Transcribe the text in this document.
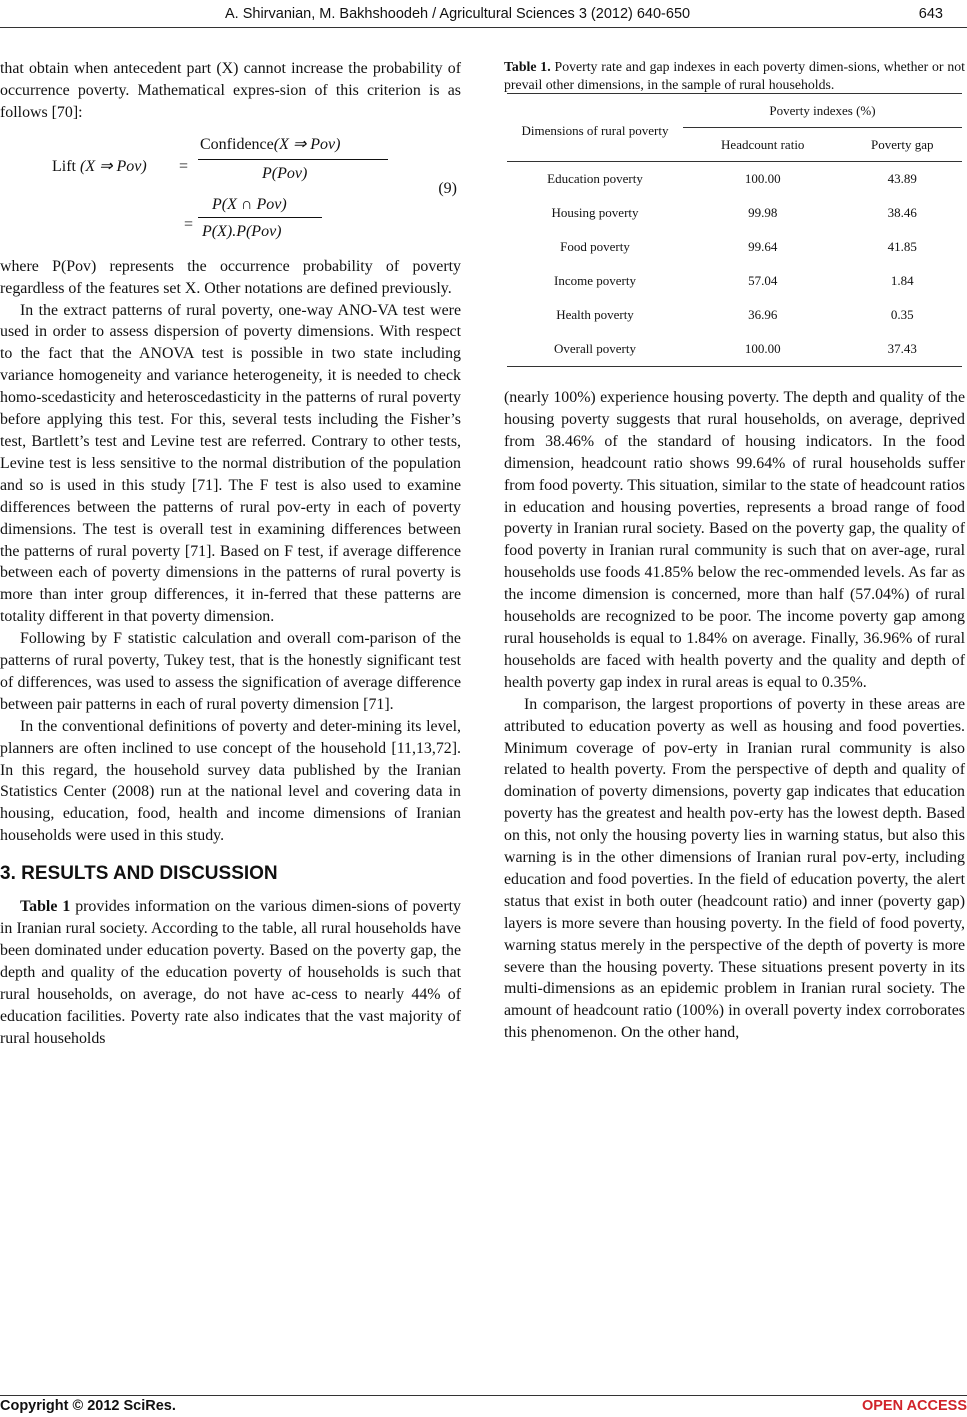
A. Shirvanian, M. Bakhshoodeh / Agricultural Sciences 3 (2012) 640-650	643

that obtain when antecedent part (X) cannot increase the probability of occurrence poverty. Mathematical expres-sion of this criterion is as follows [70]:

Lift (X ⇒ Pov) =
Confidence(X ⇒ Pov)
P(Pov)
=
P(X ∩ Pov)
P(X).P(Pov)
(9)

where P(Pov) represents the occurrence probability of poverty regardless of the features set X. Other notations are defined previously.

In the extract patterns of rural poverty, one-way ANO-VA test were used in order to assess dispersion of poverty dimensions. With respect to the fact that the ANOVA test is possible in two state including variance homogeneity and variance heterogeneity, it is needed to check homo-scedasticity and heteroscedasticity in the patterns of rural poverty before applying this test. For this, several tests including the Fisher’s test, Bartlett’s test and Levine test are referred. Contrary to other tests, Levine test is less sensitive to the normal distribution of the population and so is used in this study [71]. The F test is also used to examine differences between the patterns of rural pov-erty in each of poverty dimensions. The test is overall test in examining differences between the patterns of rural poverty [71]. Based on F test, if average difference between each of poverty dimensions in the patterns of rural poverty is more than inter group differences, it in-ferred that these patterns are totality different in that poverty dimension.

Following by F statistic calculation and overall com-parison of the patterns of rural poverty, Tukey test, that is the honestly significant test of differences, was used to assess the signification of average difference between pair patterns in each of rural poverty dimension [71].

In the conventional definitions of poverty and deter-mining its level, planners are often inclined to use concept of the household [11,13,72]. In this regard, the household survey data published by the Iranian Statistics Center (2008) run at the national level and covering data in housing, education, food, health and income dimensions of Iranian households were used in this study.

3. RESULTS AND DISCUSSION

Table 1 provides information on the various dimen-sions of poverty in Iranian rural society. According to the table, all rural households have been dominated under education poverty. Based on the poverty gap, the depth and quality of the education poverty of households is such that rural households, on average, do not have ac-cess to nearly 44% of education facilities. Poverty rate also indicates that the vast majority of rural households

Table 1. Poverty rate and gap indexes in each poverty dimen-sions, whether or not prevail other dimensions, in the sample of rural households.

Dimensions of rural poverty	Poverty indexes (%)	
	Headcount ratio	Poverty gap
Education poverty	100.00	43.89
Housing poverty	99.98	38.46
Food poverty	99.64	41.85
Income poverty	57.04	1.84
Health poverty	36.96	0.35
Overall poverty	100.00	37.43

(nearly 100%) experience housing poverty. The depth and quality of the housing poverty suggests that rural households, on average, deprived from 38.46% of the standard of housing indicators. In the food dimension, headcount ratio shows 99.64% of rural households suffer from food poverty. This situation, similar to the state of headcount ratios in education and housing poverties, represents a broad range of food poverty in Iranian rural society. Based on the poverty gap, the quality of food poverty in Iranian rural community is such that on aver-age, rural households use foods 41.85% below the rec-ommended levels. As far as the income dimension is concerned, more than half (57.04%) of rural households are recognized to be poor. The income poverty gap among rural households is equal to 1.84% on average. Finally, 36.96% of rural households are faced with health poverty and the quality and depth of health poverty gap index in rural areas is equal to 0.35%.

In comparison, the largest proportions of poverty in these areas are attributed to education poverty as well as housing and food poverties. Minimum coverage of pov-erty in Iranian rural community is also related to health poverty. From the perspective of depth and quality of domination of poverty dimensions, poverty gap indicates that education poverty has the greatest and health pov-erty has the lowest depth. Based on this, not only the housing poverty lies in warning status, but also this warning is in the other dimensions of Iranian rural pov-erty, including education and food poverties. In the field of education poverty, the alert status that exist in both outer (headcount ratio) and inner (poverty gap) layers is more severe than housing poverty. In the field of food poverty, warning status merely in the perspective of the depth of poverty is more severe than the housing poverty. These situations present poverty in its multi-dimensions as an epidemic problem in Iranian rural society. The amount of headcount ratio (100%) in overall poverty index corroborates this phenomenon. On the other hand,

Copyright © 2012 SciRes.	OPEN ACCESS
